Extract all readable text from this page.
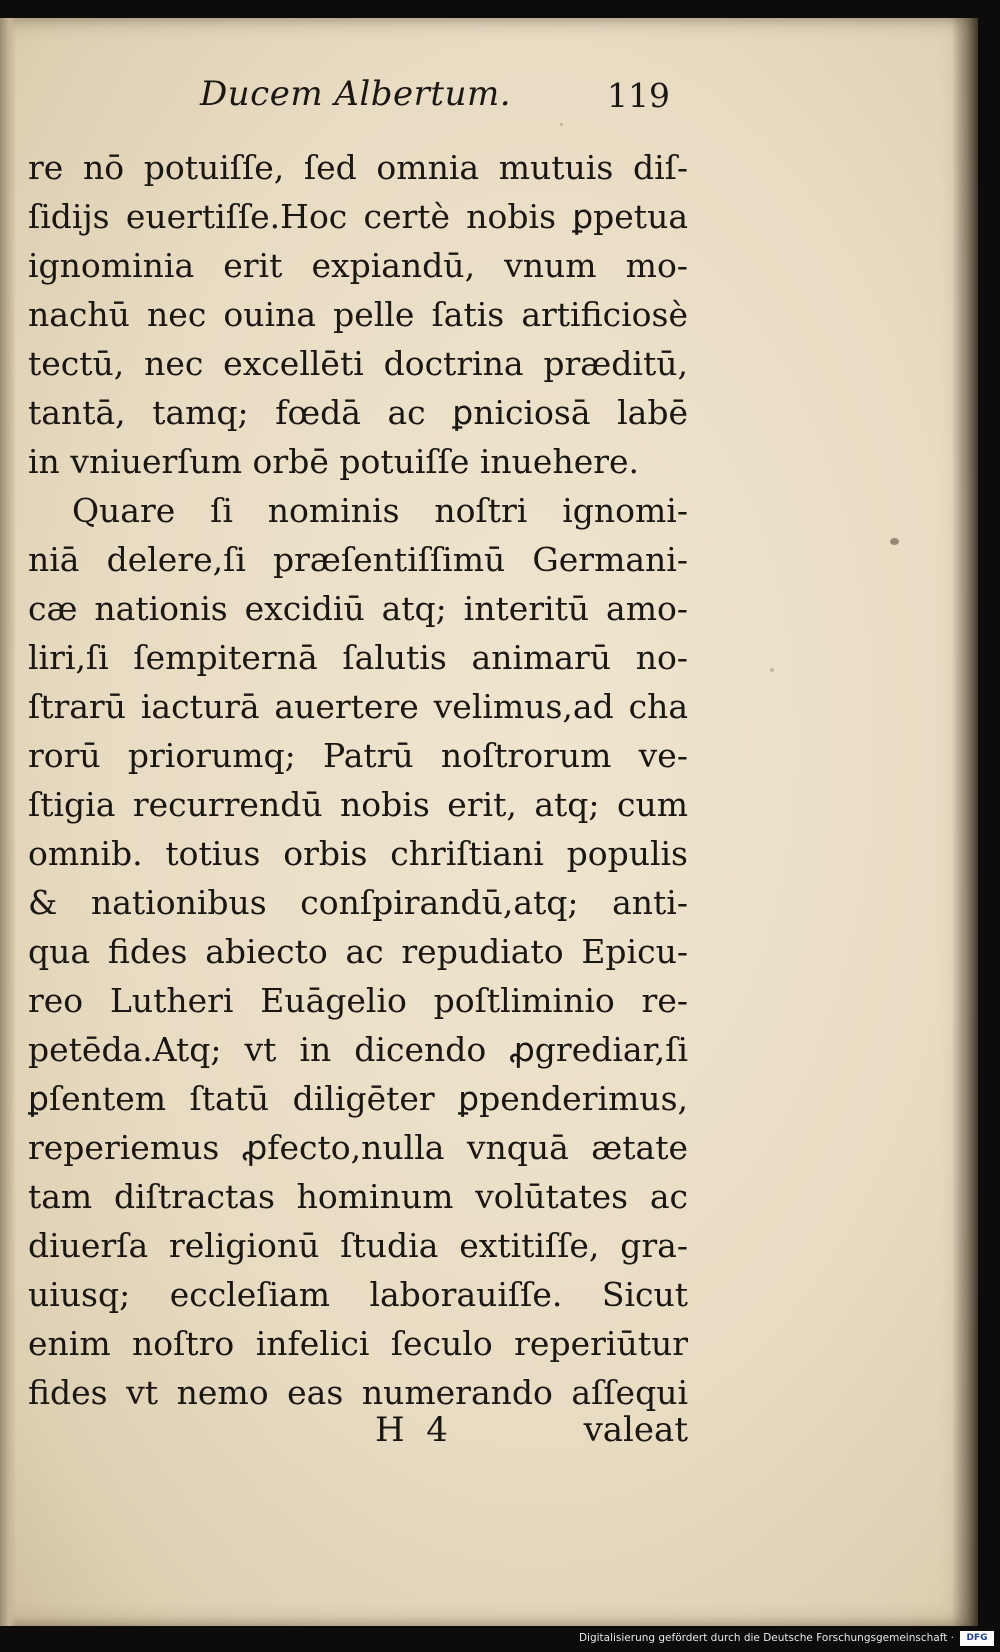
Ducem Albertum.	119
re nō potuiſſe, ſed omnia mutuis diſ-
ſidijs euertiſſe.Hoc certè nobis ꝑpetua
ignominia erit expiandū, vnum mo-
nachū nec ouina pelle ſatis artificiosè
tectū, nec excellēti doctrina præditū,
tantā, tamq; fœdā ac ꝑniciosā labē
in vniuerſum orbē potuiſſe inuehere.
Quare ſi nominis noſtri ignomi-
niā delere,ſi præſentiſſimū Germani-
cæ nationis excidiū atq; interitū amo-
liri,ſi ſempiternā ſalutis animarū no-
ſtrarū iacturā auertere velimus,ad cha
rorū priorumq; Patrū noſtrorum ve-
ſtigia recurrendū nobis erit, atq; cum
omnib. totius orbis chriſtiani populis
& nationibus conſpirandū,atq; anti-
qua fides abiecto ac repudiato Epicu-
reo Lutheri Euāgelio poſtliminio re-
petēda.Atq; vt in dicendo ꝓgrediar,ſi
ꝑſentem ſtatū diligēter ꝑpenderimus,
reperiemus ꝓfecto,nulla vnquā ætate
tam diſtractas hominum volūtates ac
diuerſa religionū ſtudia extitiſſe, gra-
uiusq; eccleſiam laborauiſſe. Sicut
enim noſtro infelici ſeculo reperiūtur
fides vt nemo eas numerando aſſequi
H  4	valeat
Digitalisierung gefördert durch die Deutsche Forschungsgemeinschaft ·	DFG
